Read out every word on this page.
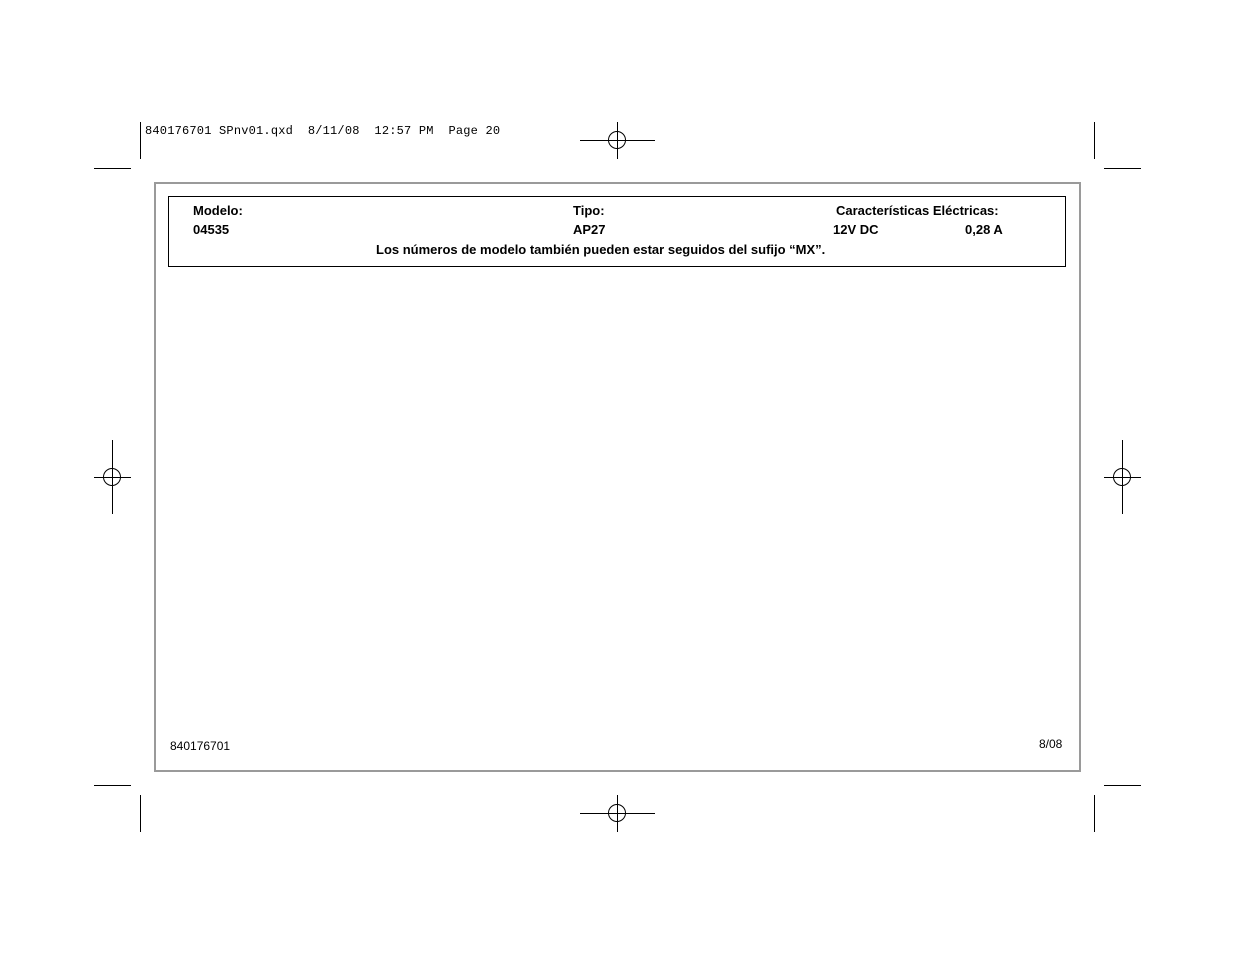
840176701 SPnv01.qxd  8/11/08  12:57 PM  Page 20
Modelo:
04535
Tipo:
AP27
Características Eléctricas:
12V DC	0,28 A
Los números de modelo también pueden estar seguidos del sufijo “MX”.
840176701	8/08
